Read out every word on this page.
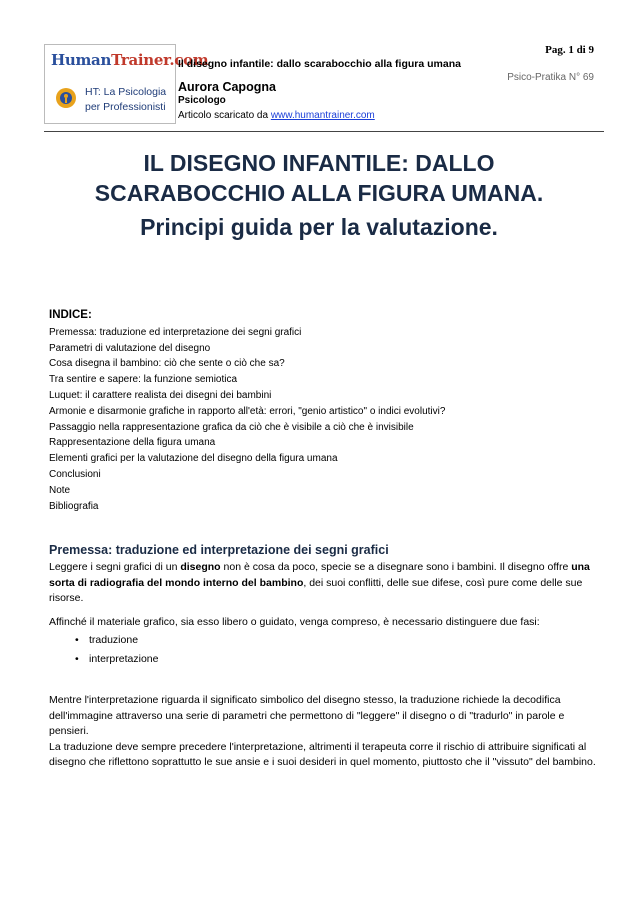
HumanTrainer.com
HT: La Psicologia
per Professionisti
Il disegno infantile: dallo scarabocchio alla figura umana
Aurora Capogna
Psicologo
Articolo scaricato da www.humantrainer.com
Pag. 1 di 9
Psico-Pratika N° 69
IL DISEGNO INFANTILE: DALLO
SCARABOCCHIO ALLA FIGURA UMANA.
Principi guida per la valutazione.
INDICE:
Premessa: traduzione ed interpretazione dei segni grafici
Parametri di valutazione del disegno
Cosa disegna il bambino: ciò che sente o ciò che sa?
Tra sentire e sapere: la funzione semiotica
Luquet: il carattere realista dei disegni dei bambini
Armonie e disarmonie grafiche in rapporto all'età: errori, "genio artistico" o indici evolutivi?
Passaggio nella rappresentazione grafica da ciò che è visibile a ciò che è invisibile
Rappresentazione della figura umana
Elementi grafici per la valutazione del disegno della figura umana
Conclusioni
Note
Bibliografia
Premessa: traduzione ed interpretazione dei segni grafici
Leggere i segni grafici di un disegno non è cosa da poco, specie se a disegnare sono i bambini. Il disegno offre una sorta di radiografia del mondo interno del bambino, dei suoi conflitti, delle sue difese, così pure come delle sue risorse.
Affinché il materiale grafico, sia esso libero o guidato, venga compreso, è necessario distinguere due fasi:
• traduzione
• interpretazione
Mentre l'interpretazione riguarda il significato simbolico del disegno stesso, la traduzione richiede la decodifica dell'immagine attraverso una serie di parametri che permettono di "leggere" il disegno o di "tradurlo" in parole e pensieri.
La traduzione deve sempre precedere l'interpretazione, altrimenti il terapeuta corre il rischio di attribuire significati al disegno che riflettono soprattutto le sue ansie e i suoi desideri in quel momento, piuttosto che il "vissuto" del bambino.
